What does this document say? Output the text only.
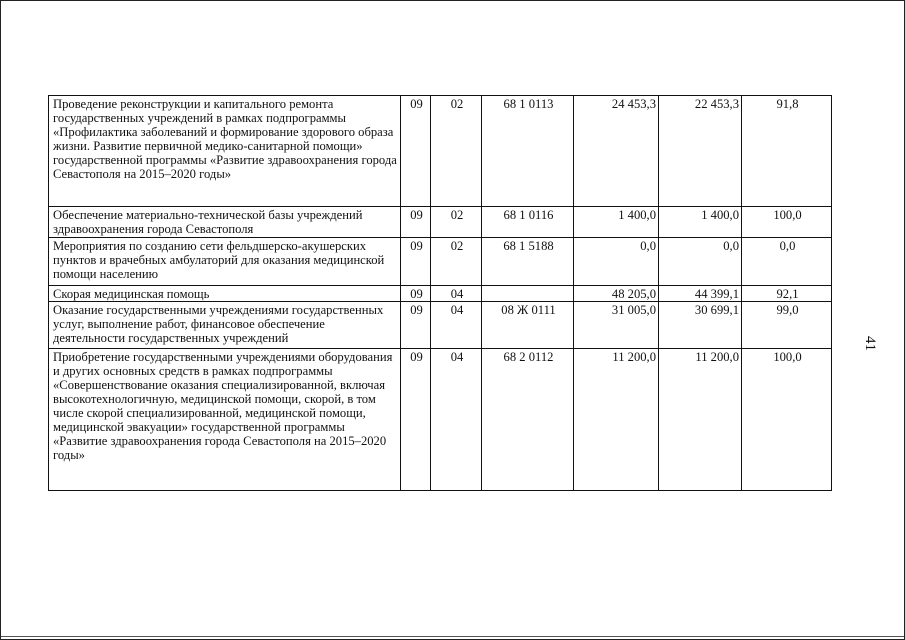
Проведение реконструкции и капитального ремонта государственных учреждений в рамках подпрограммы «Профилактика заболеваний и формирование здорового образа жизни. Развитие первичной медико-санитарной помощи» государственной программы «Развитие здравоохранения города Севастополя на 2015–2020 годы»	09	02	68 1 0113	24 453,3	22 453,3	91,8
Обеспечение материально-технической базы учреждений здравоохранения города Севастополя	09	02	68 1 0116	1 400,0	1 400,0	100,0
Мероприятия по созданию сети фельдшерско-акушерских пунктов и врачебных амбулаторий для оказания медицинской помощи населению	09	02	68 1 5188	0,0	0,0	0,0
Скорая медицинская помощь	09	04		48 205,0	44 399,1	92,1
Оказание государственными учреждениями государственных услуг, выполнение работ, финансовое обеспечение деятельности государственных учреждений	09	04	08 Ж 0111	31 005,0	30 699,1	99,0
Приобретение государственными учреждениями оборудования и других основных средств в рамках подпрограммы «Совершенствование оказания специализированной, включая высокотехнологичную, медицинской помощи, скорой, в том числе скорой специализированной, медицинской помощи, медицинской эвакуации» государственной программы «Развитие здравоохранения города Севастополя на 2015–2020 годы»	09	04	68 2 0112	11 200,0	11 200,0	100,0
41
